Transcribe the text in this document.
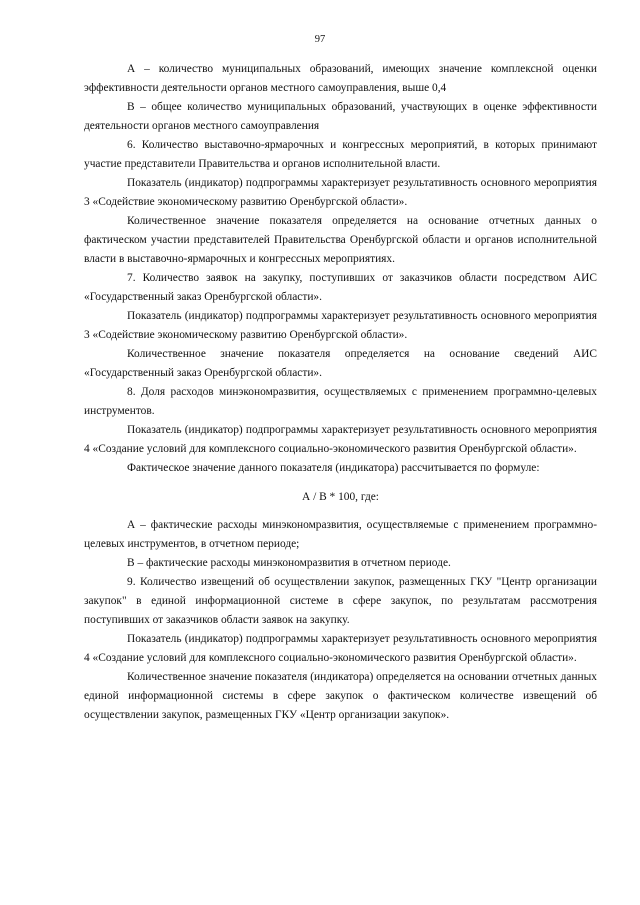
97

А – количество муниципальных образований, имеющих значение комплексной оценки эффективности деятельности органов местного самоуправления, выше 0,4

В – общее количество муниципальных образований, участвующих в оценке эффективности деятельности органов местного самоуправления

6. Количество выставочно-ярмарочных и конгрессных мероприятий, в которых принимают участие представители Правительства и органов исполнительной власти.

Показатель (индикатор) подпрограммы характеризует результативность основного мероприятия 3 «Содействие экономическому развитию Оренбургской области».

Количественное значение показателя определяется на основание отчетных данных о фактическом участии представителей Правительства Оренбургской области и органов исполнительной власти в выставочно-ярмарочных и конгрессных мероприятиях.

7. Количество заявок на закупку, поступивших от заказчиков области посредством АИС «Государственный заказ Оренбургской области».

Показатель (индикатор) подпрограммы характеризует результативность основного мероприятия 3 «Содействие экономическому развитию Оренбургской области».

Количественное значение показателя определяется на основание сведений АИС «Государственный заказ Оренбургской области».

8. Доля расходов минэкономразвития, осуществляемых с применением программно-целевых инструментов.

Показатель (индикатор) подпрограммы характеризует результативность основного мероприятия 4 «Создание условий для комплексного социально-экономического развития Оренбургской области».

Фактическое значение данного показателя (индикатора) рассчитывается по формуле:

А / В * 100, где:

А – фактические расходы минэкономразвития, осуществляемые с применением программно-целевых инструментов, в отчетном периоде;

В – фактические расходы минэкономразвития в отчетном периоде.

9. Количество извещений об осуществлении закупок, размещенных ГКУ "Центр организации закупок" в единой информационной системе в сфере закупок, по результатам рассмотрения поступивших от заказчиков области заявок на закупку.

Показатель (индикатор) подпрограммы характеризует результативность основного мероприятия 4 «Создание условий для комплексного социально-экономического развития Оренбургской области».

Количественное значение показателя (индикатора) определяется на основании отчетных данных единой информационной системы в сфере закупок о фактическом количестве извещений об осуществлении закупок, размещенных ГКУ «Центр организации закупок».
